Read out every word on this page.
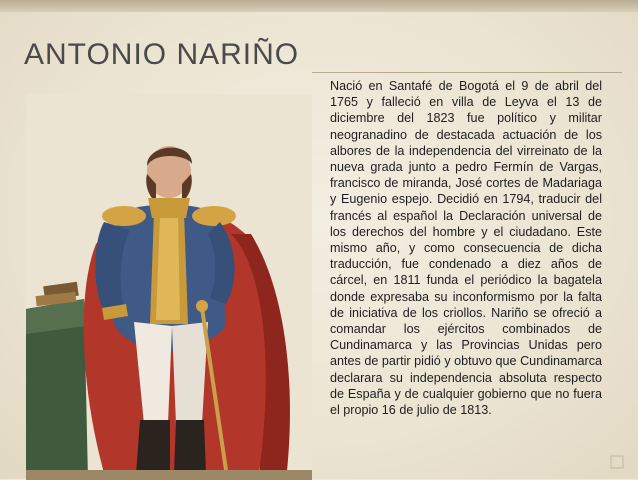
ANTONIO NARIÑO

Nació en Santafé de Bogotá el 9 de abril del 1765 y falleció en villa de Leyva el 13 de diciembre del 1823 fue político y militar neogranadino de destacada actuación de los albores de la independencia del virreinato de la nueva grada junto a pedro Fermín de Vargas, francisco de miranda, José cortes de Madariaga y Eugenio espejo. Decidió en 1794, traducir del francés al español la Declaración universal de los derechos del hombre y el ciudadano. Este mismo año, y como consecuencia de dicha traducción, fue condenado a diez años de cárcel, en 1811 funda el periódico la bagatela donde expresaba su inconformismo por la falta de iniciativa de los criollos. Nariño se ofreció a comandar los ejércitos combinados de Cundinamarca y las Provincias Unidas pero antes de partir pidió y obtuvo que Cundinamarca declarara su independencia absoluta respecto de España y de cualquier gobierno que no fuera el propio 16 de julio de 1813.
